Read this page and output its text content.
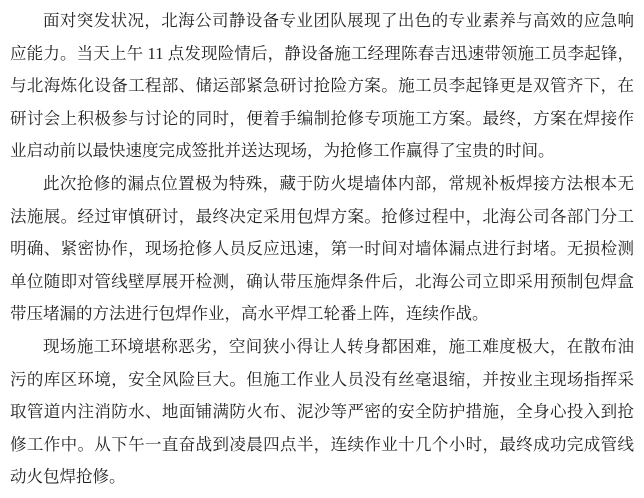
面对突发状况，北海公司静设备专业团队展现了出色的专业素养与高效的应急响应能力。当天上午 11 点发现险情后，静设备施工经理陈春吉迅速带领施工员李起锋，与北海炼化设备工程部、储运部紧急研讨抢险方案。施工员李起锋更是双管齐下，在研讨会上积极参与讨论的同时，便着手编制抢修专项施工方案。最终，方案在焊接作业启动前以最快速度完成签批并送达现场，为抢修工作赢得了宝贵的时间。

此次抢修的漏点位置极为特殊，藏于防火堤墙体内部，常规补板焊接方法根本无法施展。经过审慎研讨，最终决定采用包焊方案。抢修过程中，北海公司各部门分工明确、紧密协作，现场抢修人员反应迅速，第一时间对墙体漏点进行封堵。无损检测单位随即对管线壁厚展开检测，确认带压施焊条件后，北海公司立即采用预制包焊盒带压堵漏的方法进行包焊作业，高水平焊工轮番上阵，连续作战。

现场施工环境堪称恶劣，空间狭小得让人转身都困难，施工难度极大，在散布油污的库区环境，安全风险巨大。但施工作业人员没有丝毫退缩，并按业主现场指挥采取管道内注消防水、地面铺满防火布、泥沙等严密的安全防护措施，全身心投入到抢修工作中。从下午一直奋战到凌晨四点半，连续作业十几个小时，最终成功完成管线动火包焊抢修。
